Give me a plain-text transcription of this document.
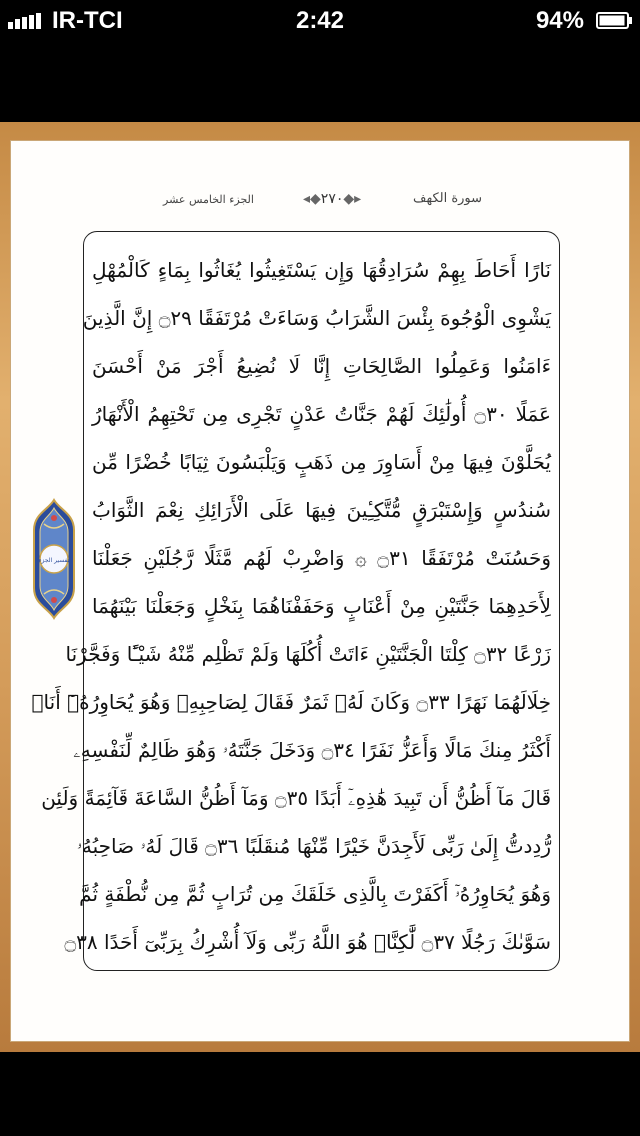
IR-TCI	2:42	94%
الجزء الخامس عشر	◂◆۲۷۰◆▸	سورة الكهف
نَارًا أَحَاطَ بِهِمْ سُرَادِقُهَا وَإِن يَسْتَغِيثُوا يُغَاثُوا بِمَاءٍ كَالْمُهْلِ
يَشْوِى الْوُجُوهَ بِئْسَ الشَّرَابُ وَسَاءَتْ مُرْتَفَقًا ۝٢٩ إِنَّ الَّذِينَ
ءَامَنُوا وَعَمِلُوا الصَّالِحَاتِ إِنَّا لَا نُضِيعُ أَجْرَ مَنْ أَحْسَنَ
عَمَلًا ۝٣٠ أُولَٰئِكَ لَهُمْ جَنَّاتُ عَدْنٍ تَجْرِى مِن تَحْتِهِمُ الْأَنْهَارُ
يُحَلَّوْنَ فِيهَا مِنْ أَسَاوِرَ مِن ذَهَبٍ وَيَلْبَسُونَ ثِيَابًا خُضْرًا مِّن
سُندُسٍ وَإِسْتَبْرَقٍ مُّتَّكِـِٔينَ فِيهَا عَلَى الْأَرَائِكِ نِعْمَ الثَّوَابُ
وَحَسُنَتْ مُرْتَفَقًا ۝٣١ ۞ وَاضْرِبْ لَهُم مَّثَلًا رَّجُلَيْنِ جَعَلْنَا
لِأَحَدِهِمَا جَنَّتَيْنِ مِنْ أَعْنَابٍ وَحَفَفْنَاهُمَا بِنَخْلٍ وَجَعَلْنَا بَيْنَهُمَا
زَرْعًا ۝٣٢ كِلْتَا الْجَنَّتَيْنِ ءَاتَتْ أُكُلَهَا وَلَمْ تَظْلِم مِّنْهُ شَيْـًٔا وَفَجَّرْنَا
خِلَالَهُمَا نَهَرًا ۝٣٣ وَكَانَ لَهُۥ ثَمَرٌ فَقَالَ لِصَاحِبِهِۦ وَهُوَ يُحَاوِرُهُۥٓ أَنَا۠
أَكْثَرُ مِنكَ مَالًا وَأَعَزُّ نَفَرًا ۝٣٤ وَدَخَلَ جَنَّتَهُۥ وَهُوَ ظَالِمٌ لِّنَفْسِهِۦ
قَالَ مَآ أَظُنُّ أَن تَبِيدَ هَٰذِهِۦٓ أَبَدًا ۝٣٥ وَمَآ أَظُنُّ السَّاعَةَ قَآئِمَةً وَلَئِن
رُّدِدتُّ إِلَىٰ رَبِّى لَأَجِدَنَّ خَيْرًا مِّنْهَا مُنقَلَبًا ۝٣٦ قَالَ لَهُۥ صَاحِبُهُۥ
وَهُوَ يُحَاوِرُهُۥٓ أَكَفَرْتَ بِالَّذِى خَلَقَكَ مِن تُرَابٍ ثُمَّ مِن نُّطْفَةٍ ثُمَّ
سَوَّىٰكَ رَجُلًا ۝٣٧ لَّٰكِنَّا۠ هُوَ اللَّهُ رَبِّى وَلَآ أُشْرِكُ بِرَبِّىٓ أَحَدًا ۝٣٨
تفسیر الجزء
